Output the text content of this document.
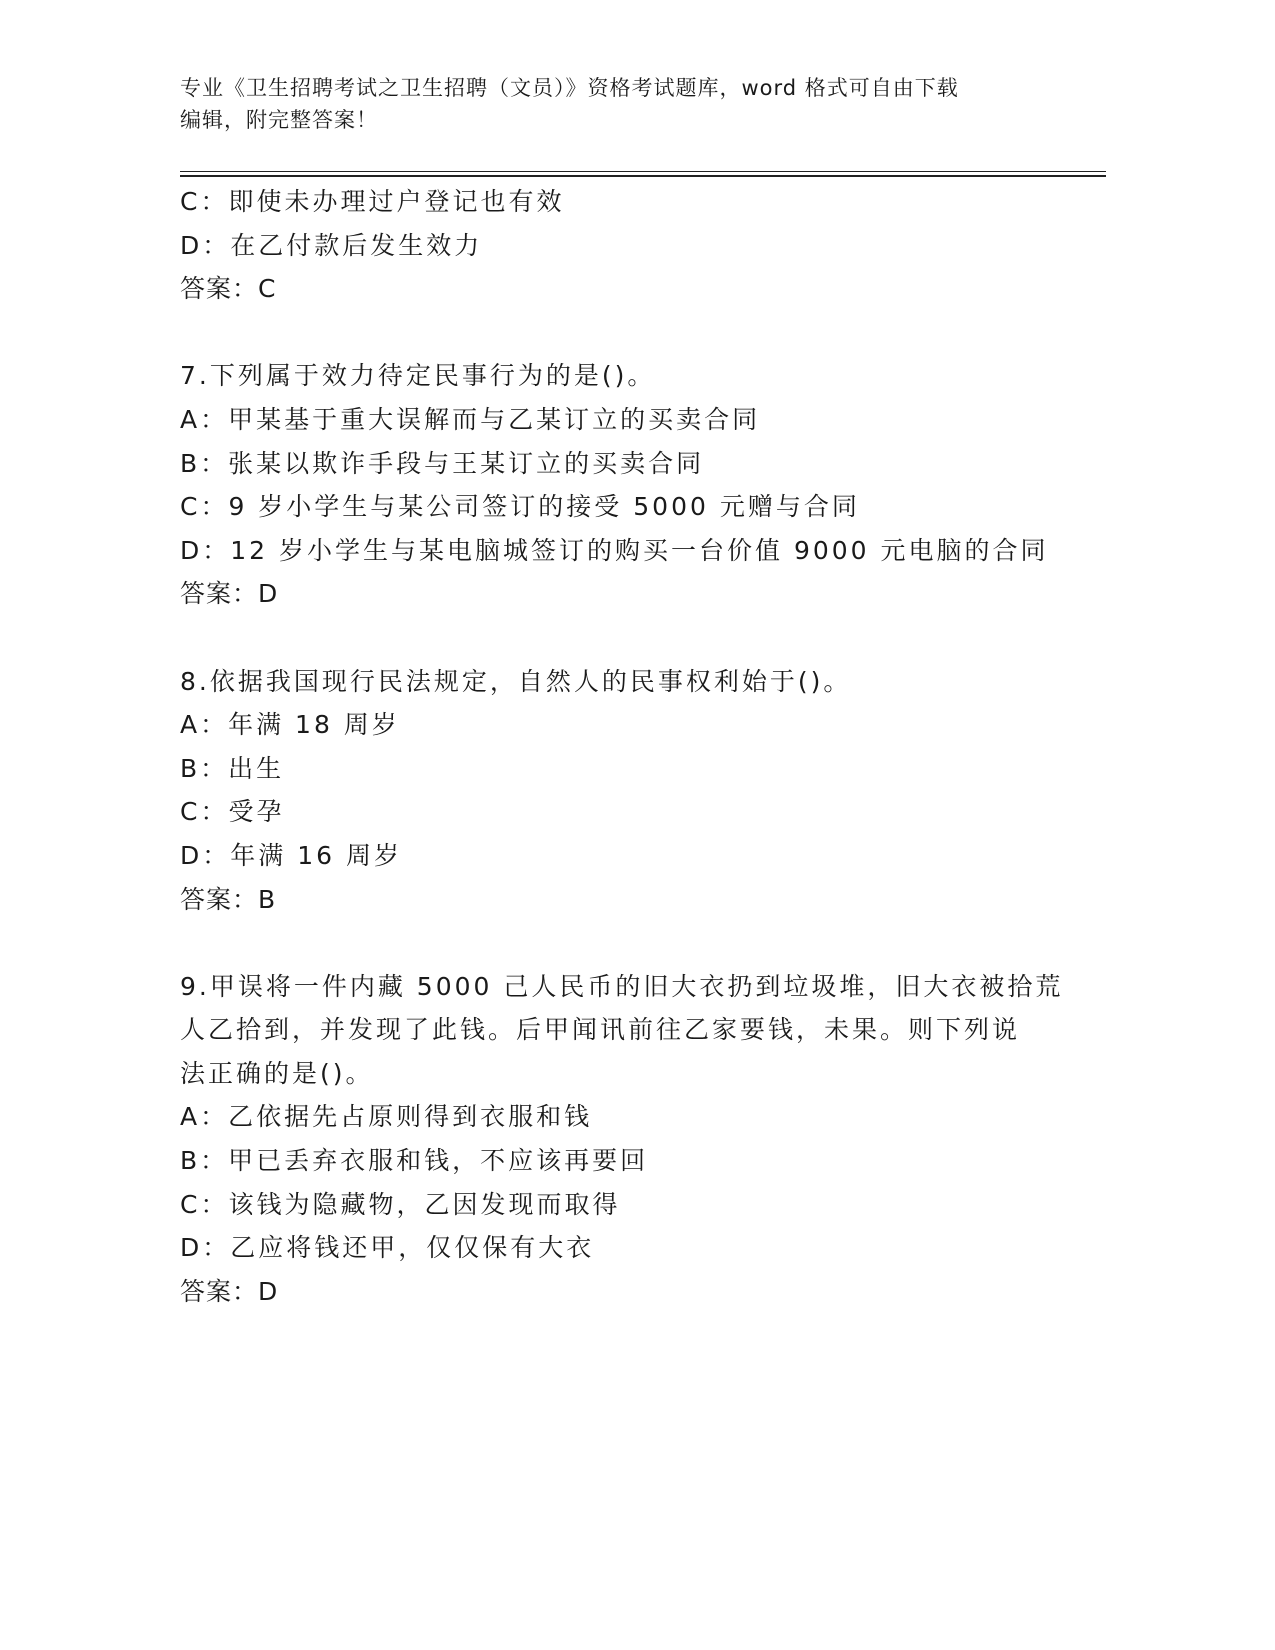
专业《卫生招聘考试之卫生招聘（文员）》资格考试题库，word 格式可自由下载
编辑，附完整答案！
C：即使未办理过户登记也有效
D：在乙付款后发生效力
答案：C
7.下列属于效力待定民事行为的是()。
A：甲某基于重大误解而与乙某订立的买卖合同
B：张某以欺诈手段与王某订立的买卖合同
C：9 岁小学生与某公司签订的接受 5000 元赠与合同
D：12 岁小学生与某电脑城签订的购买一台价值 9000 元电脑的合同
答案：D
8.依据我国现行民法规定，自然人的民事权利始于()。
A：年满 18 周岁
B：出生
C：受孕
D：年满 16 周岁
答案：B
9.甲误将一件内藏 5000 己人民币的旧大衣扔到垃圾堆，旧大衣被拾荒
人乙拾到，并发现了此钱。后甲闻讯前往乙家要钱，未果。则下列说
法正确的是()。
A：乙依据先占原则得到衣服和钱
B：甲已丢弃衣服和钱，不应该再要回
C：该钱为隐藏物，乙因发现而取得
D：乙应将钱还甲，仅仅保有大衣
答案：D
